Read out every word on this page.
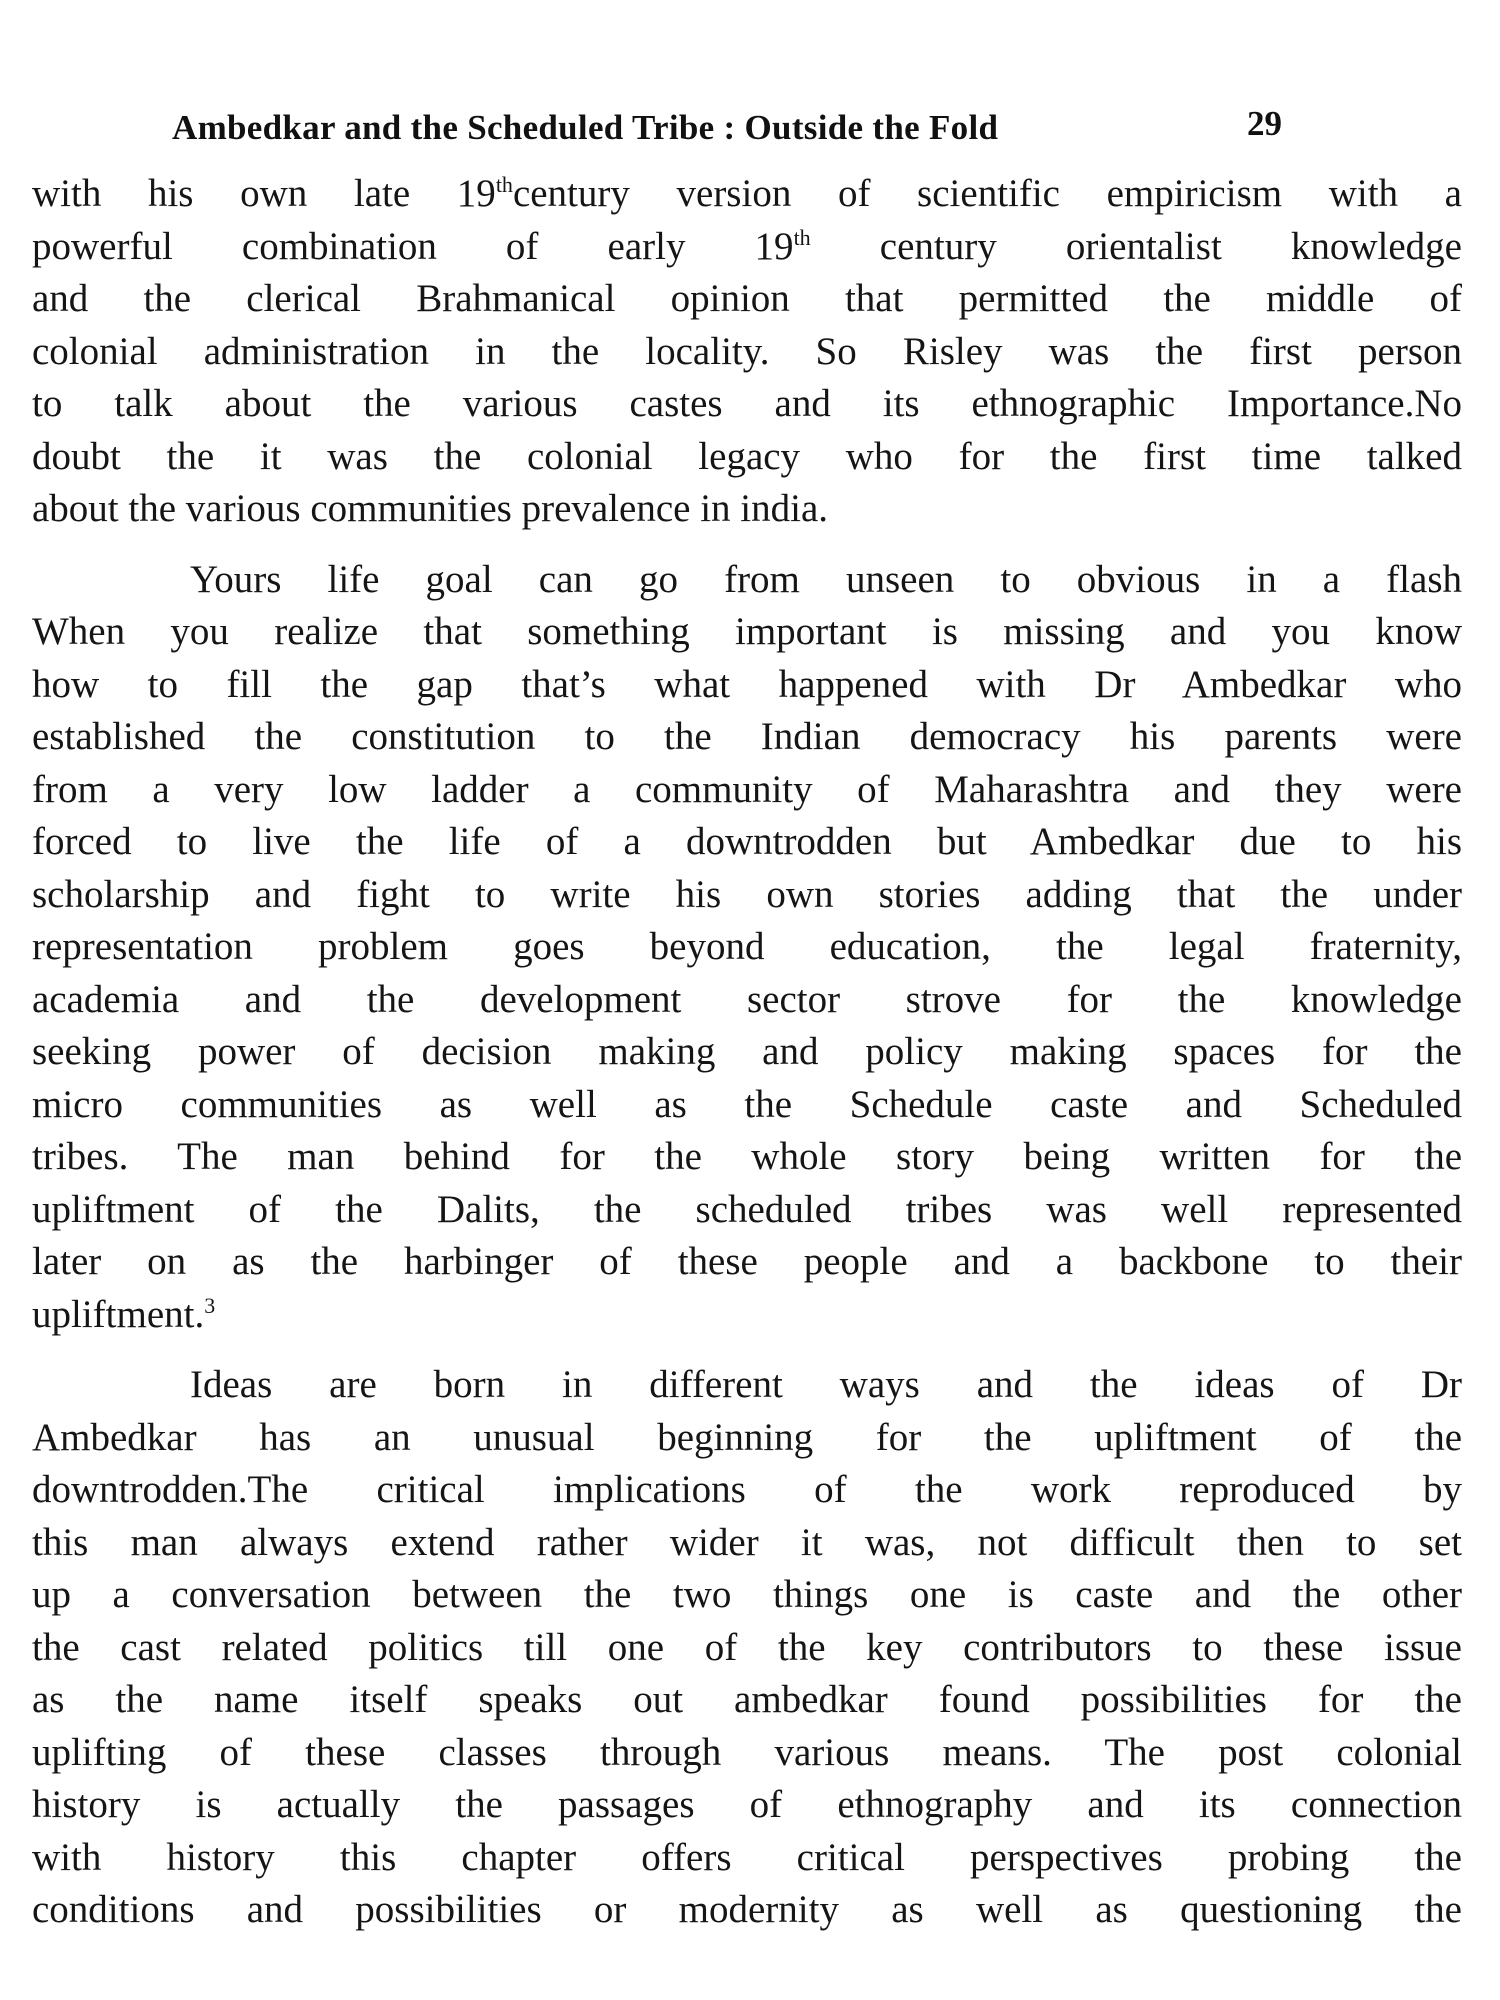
Ambedkar and the Scheduled Tribe : Outside the Fold	29
with his own late 19thcentury version of scientific empiricism with a
powerful combination of early 19th century orientalist knowledge
and the clerical Brahmanical opinion that permitted the middle of
colonial administration in the locality. So Risley was the first person
to talk about the various castes and its ethnographic Importance.No
doubt the it was the colonial legacy who for the first time talked
about the various communities prevalence in india.
Yours life goal can go from unseen to obvious in a flash
When you realize that something important is missing and you know
how to fill the gap that’s what happened with Dr Ambedkar who
established the constitution to the Indian democracy his parents were
from a very low ladder a community of Maharashtra and they were
forced to live the life of a downtrodden but Ambedkar due to his
scholarship and fight to write his own stories adding that the under
representation problem goes beyond education, the legal fraternity,
academia and the development sector strove for the knowledge
seeking power of decision making and policy making spaces for the
micro communities as well as the Schedule caste and Scheduled
tribes. The man behind for the whole story being written for the
upliftment of the Dalits, the scheduled tribes was well represented
later on as the harbinger of these people and a backbone to their
upliftment.$^3$
Ideas are born in different ways and the ideas of Dr
Ambedkar has an unusual beginning for the upliftment of the
downtrodden.The critical implications of the work reproduced by
this man always extend rather wider it was, not difficult then to set
up a conversation between the two things one is caste and the other
the cast related politics till one of the key contributors to these issue
as the name itself speaks out ambedkar found possibilities for the
uplifting of these classes through various means. The post colonial
history is actually the passages of ethnography and its connection
with history this chapter offers critical perspectives probing the
conditions and possibilities or modernity as well as questioning the
